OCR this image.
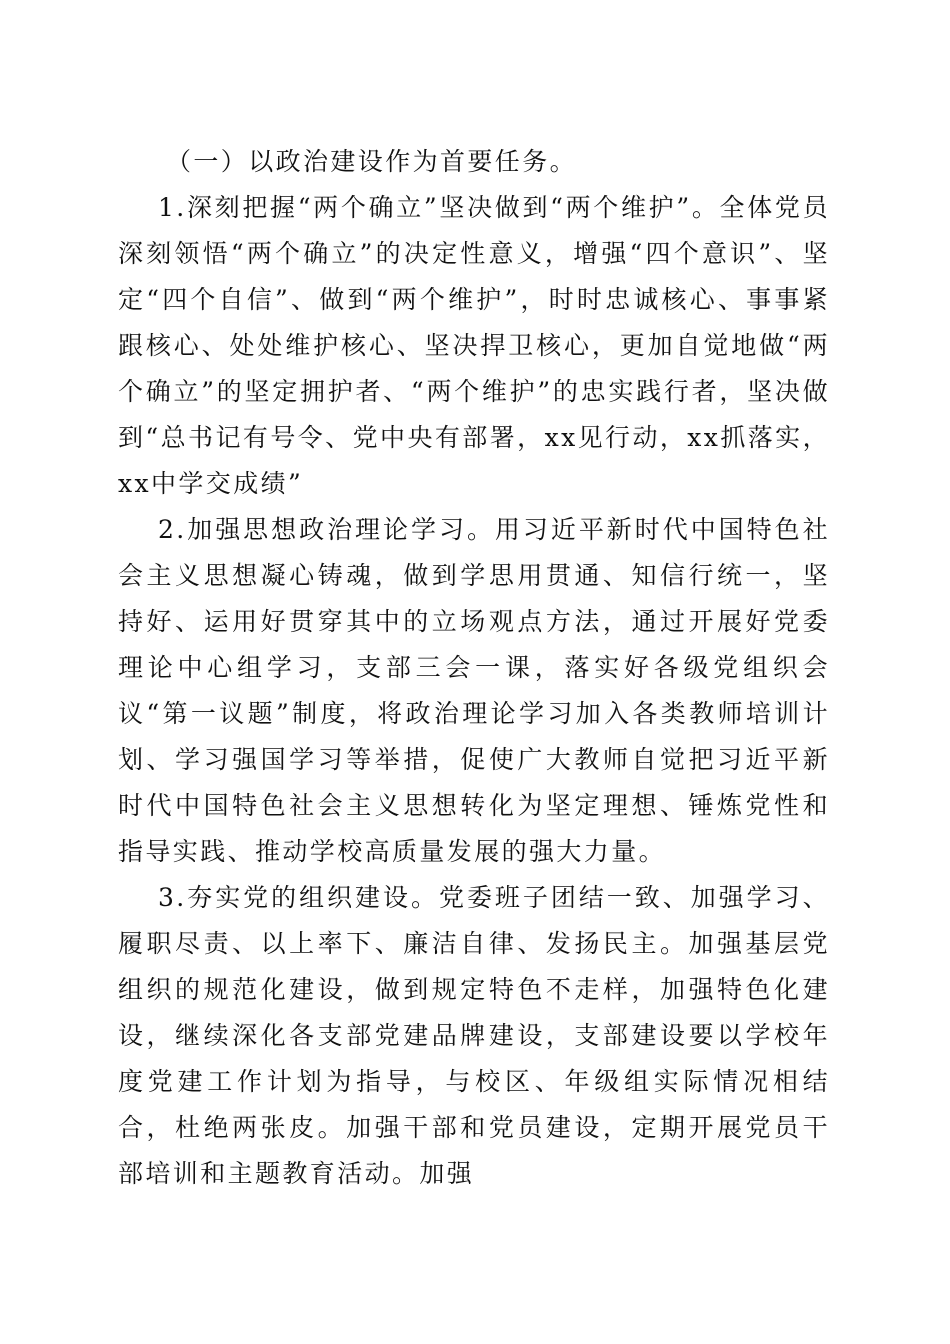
（一）以政治建设作为首要任务。

1.深刻把握“两个确立”坚决做到“两个维护”。全体党员深刻领悟“两个确立”的决定性意义，增强“四个意识”、坚定“四个自信”、做到“两个维护”，时时忠诚核心、事事紧跟核心、处处维护核心、坚决捍卫核心，更加自觉地做“两个确立”的坚定拥护者、“两个维护”的忠实践行者，坚决做到“总书记有号令、党中央有部署，xx见行动，xx抓落实，xx中学交成绩”

2.加强思想政治理论学习。用习近平新时代中国特色社会主义思想凝心铸魂，做到学思用贯通、知信行统一，坚持好、运用好贯穿其中的立场观点方法，通过开展好党委理论中心组学习，支部三会一课，落实好各级党组织会议“第一议题”制度，将政治理论学习加入各类教师培训计划、学习强国学习等举措，促使广大教师自觉把习近平新时代中国特色社会主义思想转化为坚定理想、锤炼党性和指导实践、推动学校高质量发展的强大力量。

3.夯实党的组织建设。党委班子团结一致、加强学习、履职尽责、以上率下、廉洁自律、发扬民主。加强基层党组织的规范化建设，做到规定特色不走样，加强特色化建设，继续深化各支部党建品牌建设，支部建设要以学校年度党建工作计划为指导，与校区、年级组实际情况相结合，杜绝两张皮。加强干部和党员建设，定期开展党员干部培训和主题教育活动。加强
